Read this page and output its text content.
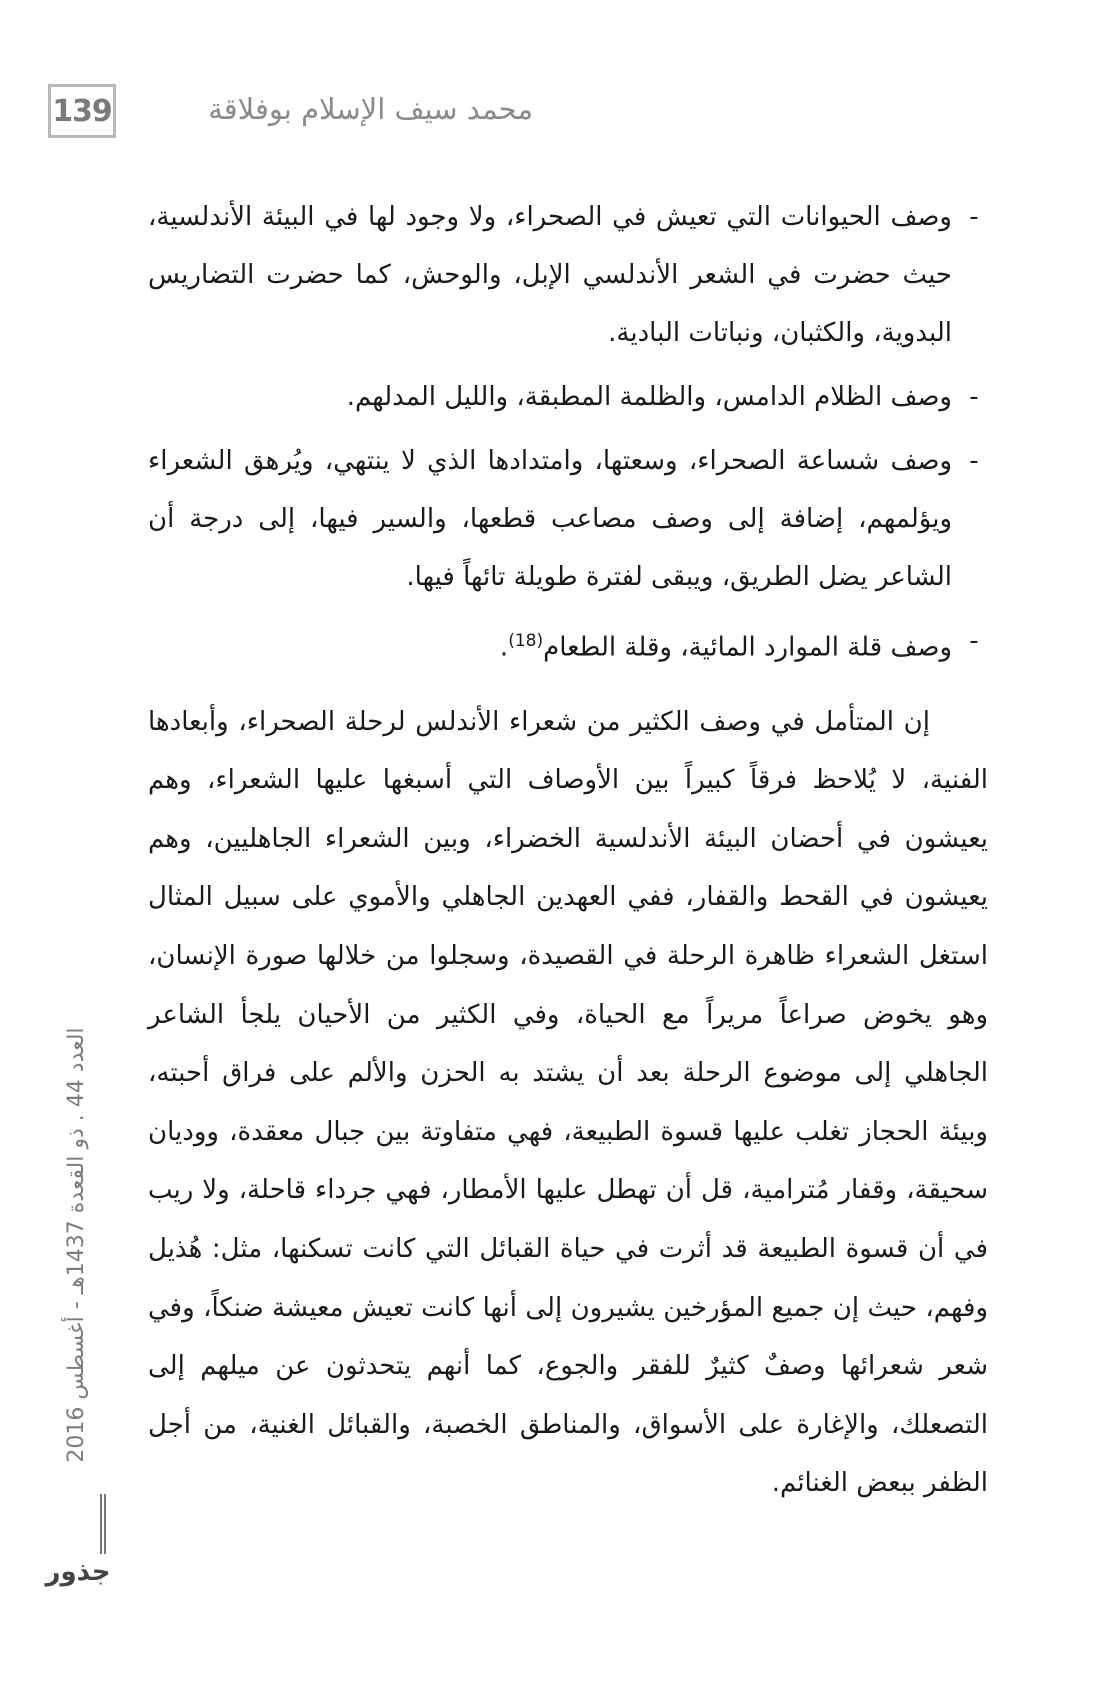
139	محمد سيف الإسلام بوفلاقة
-
وصف الحيوانات التي تعيش في الصحراء، ولا وجود لها في البيئة الأندلسية، حيث حضرت في الشعر الأندلسي الإبل، والوحش، كما حضرت التضاريس البدوية، والكثبان، ونباتات البادية.
-
وصف الظلام الدامس، والظلمة المطبقة، والليل المدلهم.
-
وصف شساعة الصحراء، وسعتها، وامتدادها الذي لا ينتهي، ويُرهق الشعراء ويؤلمهم، إضافة إلى وصف مصاعب قطعها، والسير فيها، إلى درجة أن الشاعر يضل الطريق، ويبقى لفترة طويلة تائهاً فيها.
-
وصف قلة الموارد المائية، وقلة الطعام$^{(18)}$.

إن المتأمل في وصف الكثير من شعراء الأندلس لرحلة الصحراء، وأبعادها الفنية، لا يُلاحظ فرقاً كبيراً بين الأوصاف التي أسبغها عليها الشعراء، وهم يعيشون في أحضان البيئة الأندلسية الخضراء، وبين الشعراء الجاهليين، وهم يعيشون في القحط والقفار، ففي العهدين الجاهلي والأموي على سبيل المثال استغل الشعراء ظاهرة الرحلة في القصيدة، وسجلوا من خلالها صورة الإنسان، وهو يخوض صراعاً مريراً مع الحياة، وفي الكثير من الأحيان يلجأ الشاعر الجاهلي إلى موضوع الرحلة بعد أن يشتد به الحزن والألم على فراق أحبته، وبيئة الحجاز تغلب عليها قسوة الطبيعة، فهي متفاوتة بين جبال معقدة، ووديان سحيقة، وقفار مُترامية، قل أن تهطل عليها الأمطار، فهي جرداء قاحلة، ولا ريب في أن قسوة الطبيعة قد أثرت في حياة القبائل التي كانت تسكنها، مثل: هُذيل وفهم، حيث إن جميع المؤرخين يشيرون إلى أنها كانت تعيش معيشة ضنكاً، وفي شعر شعرائها وصفٌ كثيرٌ للفقر والجوع، كما أنهم يتحدثون عن ميلهم إلى التصعلك، والإغارة على الأسواق، والمناطق الخصبة، والقبائل الغنية، من أجل الظفر ببعض الغنائم.

العدد 44 . ذو القعدة 1437هـ - أغسطس 2016
جذور
